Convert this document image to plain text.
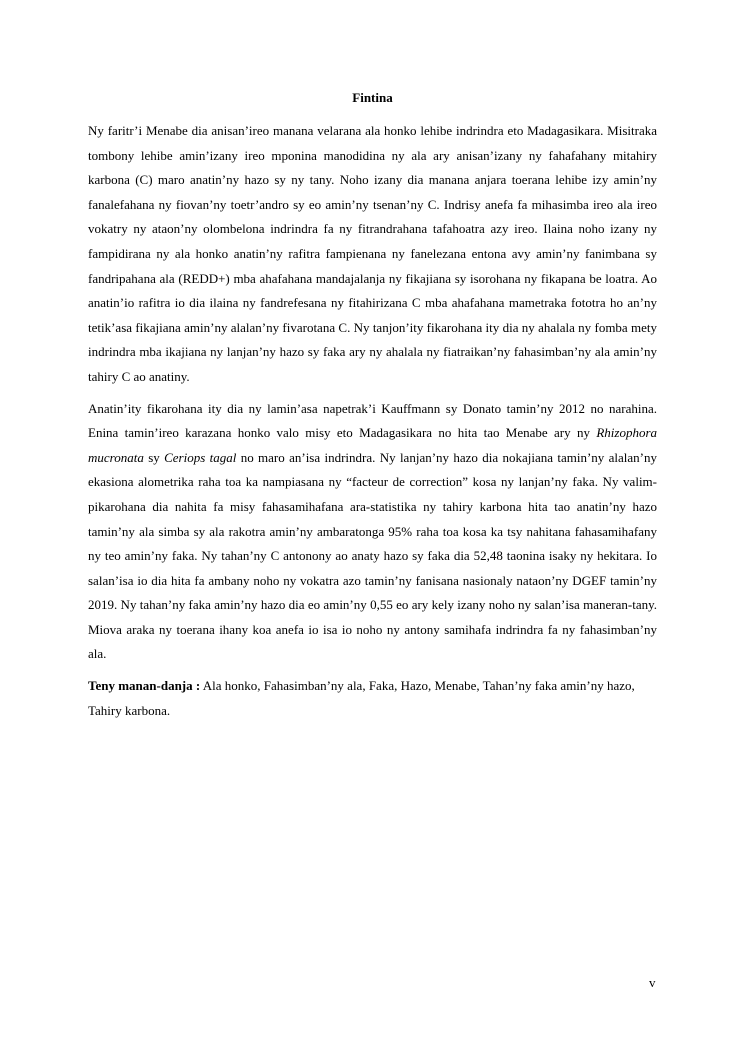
Fintina

Ny faritr’i Menabe dia anisan’ireo manana velarana ala honko lehibe indrindra eto Madagasikara. Misitraka tombony lehibe amin’izany ireo mponina manodidina ny ala ary anisan’izany ny fahafahany mitahiry karbona (C) maro anatin’ny hazo sy ny tany. Noho izany dia manana anjara toerana lehibe izy amin’ny fanalefahana ny fiovan’ny toetr’andro sy eo amin’ny tsenan’ny C. Indrisy anefa fa mihasimba ireo ala ireo vokatry ny ataon’ny olombelona indrindra fa ny fitrandrahana tafahoatra azy ireo. Ilaina noho izany ny fampidirana ny ala honko anatin’ny rafitra fampienana ny fanelezana entona avy amin’ny fanimbana sy fandripahana ala (REDD+) mba ahafahana mandajalanja ny fikajiana sy isorohana ny fikapana be loatra. Ao anatin’io rafitra io dia ilaina ny fandrefesana ny fitahirizana C mba ahafahana mametraka fototra ho an’ny tetik’asa fikajiana amin’ny alalan’ny fivarotana C. Ny tanjon’ity fikarohana ity dia ny ahalala ny fomba mety indrindra mba ikajiana ny lanjan’ny hazo sy faka ary ny ahalala ny fiatraikan’ny fahasimban’ny ala amin’ny tahiry C ao anatiny.

Anatin’ity fikarohana ity dia ny lamin’asa napetrak’i Kauffmann sy Donato tamin’ny 2012 no narahina. Enina tamin’ireo karazana honko valo misy eto Madagasikara no hita tao Menabe ary ny Rhizophora mucronata sy Ceriops tagal no maro an’isa indrindra. Ny lanjan’ny hazo dia nokajiana tamin’ny alalan’ny ekasiona alometrika raha toa ka nampiasana ny “facteur de correction” kosa ny lanjan’ny faka. Ny valim-pikarohana dia nahita fa misy fahasamihafana ara-statistika ny tahiry karbona hita tao anatin’ny hazo tamin’ny ala simba sy ala rakotra amin’ny ambaratonga 95% raha toa kosa ka tsy nahitana fahasamihafany ny teo amin’ny faka. Ny tahan’ny C antonony ao anaty hazo sy faka dia 52,48 taonina isaky ny hekitara. Io salan’isa io dia hita fa ambany noho ny vokatra azo tamin’ny fanisana nasionaly nataon’ny DGEF tamin’ny 2019. Ny tahan’ny faka amin’ny hazo dia eo amin’ny 0,55 eo ary kely izany noho ny salan’isa maneran-tany. Miova araka ny toerana ihany koa anefa io isa io noho ny antony samihafa indrindra fa ny fahasimban’ny ala.

Teny manan-danja : Ala honko, Fahasimban’ny ala, Faka, Hazo, Menabe, Tahan’ny faka amin’ny hazo, Tahiry karbona.

v
